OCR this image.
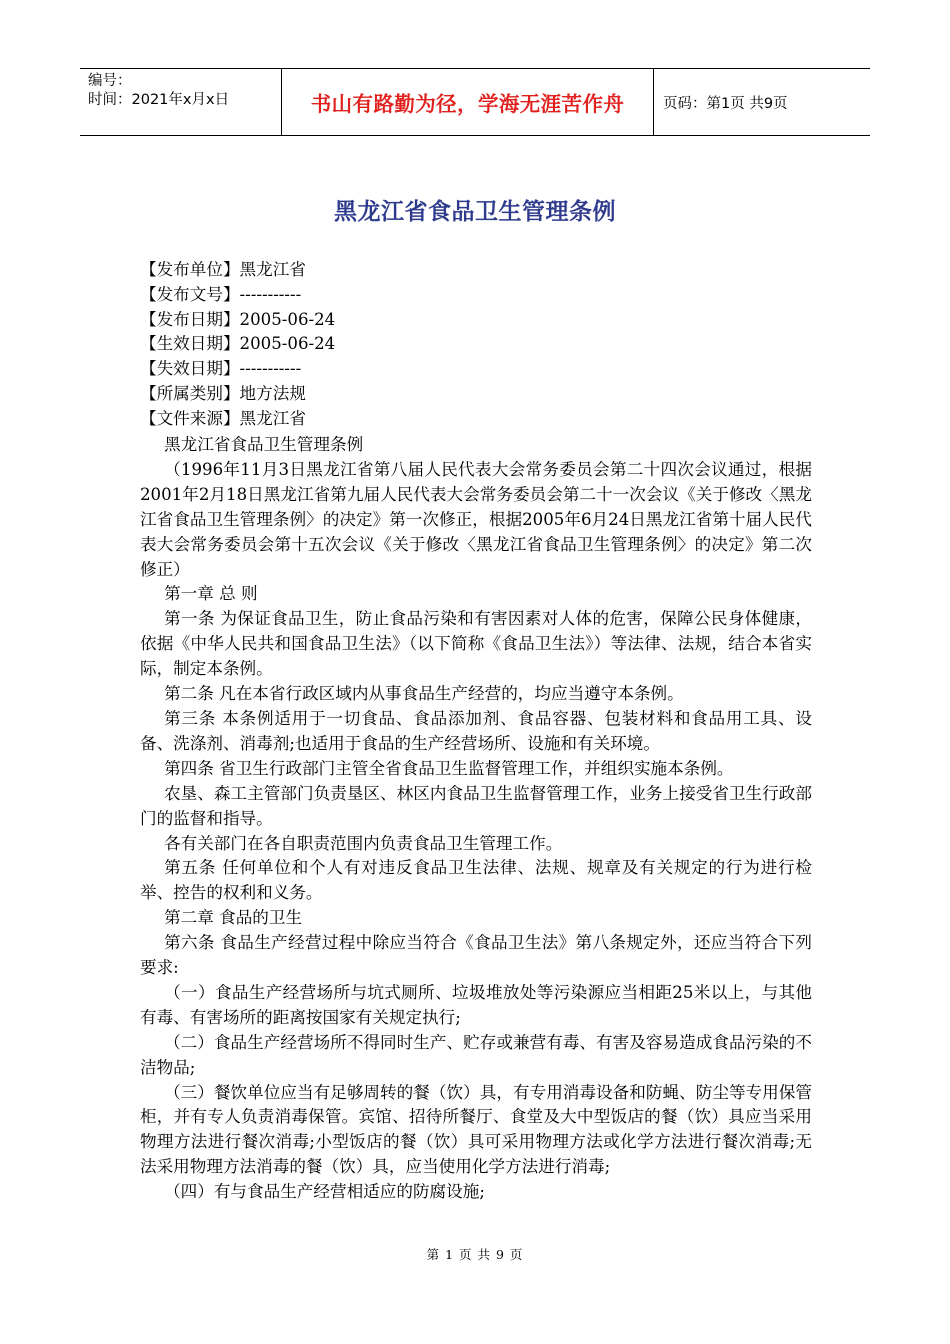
编号：
时间：2021年x月x日	书山有路勤为径，学海无涯苦作舟	页码：第1页 共9页
黑龙江省食品卫生管理条例
【发布单位】黑龙江省
【发布文号】-----------
【发布日期】2005-06-24
【生效日期】2005-06-24
【失效日期】-----------
【所属类别】地方法规
【文件来源】黑龙江省

黑龙江省食品卫生管理条例

（1996年11月3日黑龙江省第八届人民代表大会常务委员会第二十四次会议通过，根据2001年2月18日黑龙江省第九届人民代表大会常务委员会第二十一次会议《关于修改〈黑龙江省食品卫生管理条例〉的决定》第一次修正，根据2005年6月24日黑龙江省第十届人民代表大会常务委员会第十五次会议《关于修改〈黑龙江省食品卫生管理条例〉的决定》第二次修正）

第一章 总 则

第一条 为保证食品卫生，防止食品污染和有害因素对人体的危害，保障公民身体健康，依据《中华人民共和国食品卫生法》（以下简称《食品卫生法》）等法律、法规，结合本省实际，制定本条例。

第二条 凡在本省行政区域内从事食品生产经营的，均应当遵守本条例。

第三条 本条例适用于一切食品、食品添加剂、食品容器、包装材料和食品用工具、设备、洗涤剂、消毒剂;也适用于食品的生产经营场所、设施和有关环境。

第四条 省卫生行政部门主管全省食品卫生监督管理工作，并组织实施本条例。

农垦、森工主管部门负责垦区、林区内食品卫生监督管理工作，业务上接受省卫生行政部门的监督和指导。

各有关部门在各自职责范围内负责食品卫生管理工作。

第五条 任何单位和个人有对违反食品卫生法律、法规、规章及有关规定的行为进行检举、控告的权利和义务。

第二章 食品的卫生

第六条 食品生产经营过程中除应当符合《食品卫生法》第八条规定外，还应当符合下列要求:

（一）食品生产经营场所与坑式厕所、垃圾堆放处等污染源应当相距25米以上，与其他有毒、有害场所的距离按国家有关规定执行;

（二）食品生产经营场所不得同时生产、贮存或兼营有毒、有害及容易造成食品污染的不洁物品;

（三）餐饮单位应当有足够周转的餐（饮）具，有专用消毒设备和防蝇、防尘等专用保管柜，并有专人负责消毒保管。宾馆、招待所餐厅、食堂及大中型饭店的餐（饮）具应当采用物理方法进行餐次消毒;小型饭店的餐（饮）具可采用物理方法或化学方法进行餐次消毒;无法采用物理方法消毒的餐（饮）具，应当使用化学方法进行消毒;

（四）有与食品生产经营相适应的防腐设施;

第 1 页 共 9 页
